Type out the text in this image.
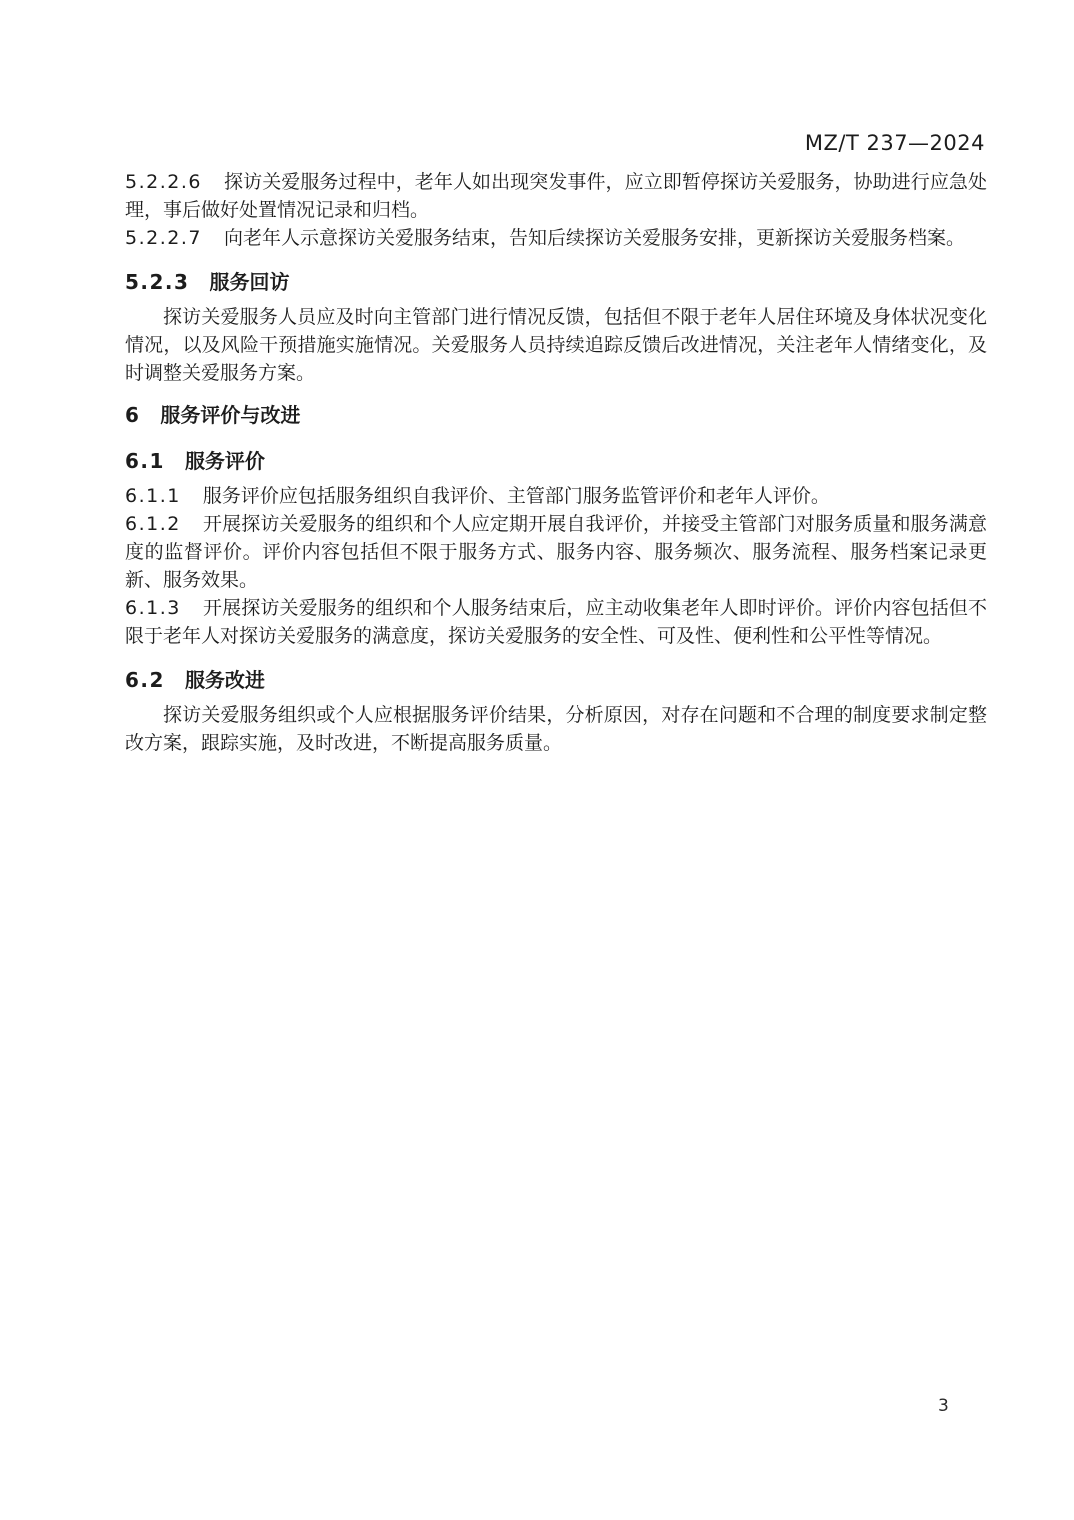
MZ/T 237—2024

5.2.2.6 探访关爱服务过程中，老年人如出现突发事件，应立即暂停探访关爱服务，协助进行应急处理，事后做好处置情况记录和归档。

5.2.2.7 向老年人示意探访关爱服务结束，告知后续探访关爱服务安排，更新探访关爱服务档案。

5.2.3 服务回访

探访关爱服务人员应及时向主管部门进行情况反馈，包括但不限于老年人居住环境及身体状况变化情况，以及风险干预措施实施情况。关爱服务人员持续追踪反馈后改进情况，关注老年人情绪变化，及时调整关爱服务方案。

6 服务评价与改进
6.1 服务评价

6.1.1 服务评价应包括服务组织自我评价、主管部门服务监管评价和老年人评价。

6.1.2 开展探访关爱服务的组织和个人应定期开展自我评价，并接受主管部门对服务质量和服务满意度的监督评价。评价内容包括但不限于服务方式、服务内容、服务频次、服务流程、服务档案记录更新、服务效果。

6.1.3 开展探访关爱服务的组织和个人服务结束后，应主动收集老年人即时评价。评价内容包括但不限于老年人对探访关爱服务的满意度，探访关爱服务的安全性、可及性、便利性和公平性等情况。

6.2 服务改进

探访关爱服务组织或个人应根据服务评价结果，分析原因，对存在问题和不合理的制度要求制定整改方案，跟踪实施，及时改进，不断提高服务质量。

3
